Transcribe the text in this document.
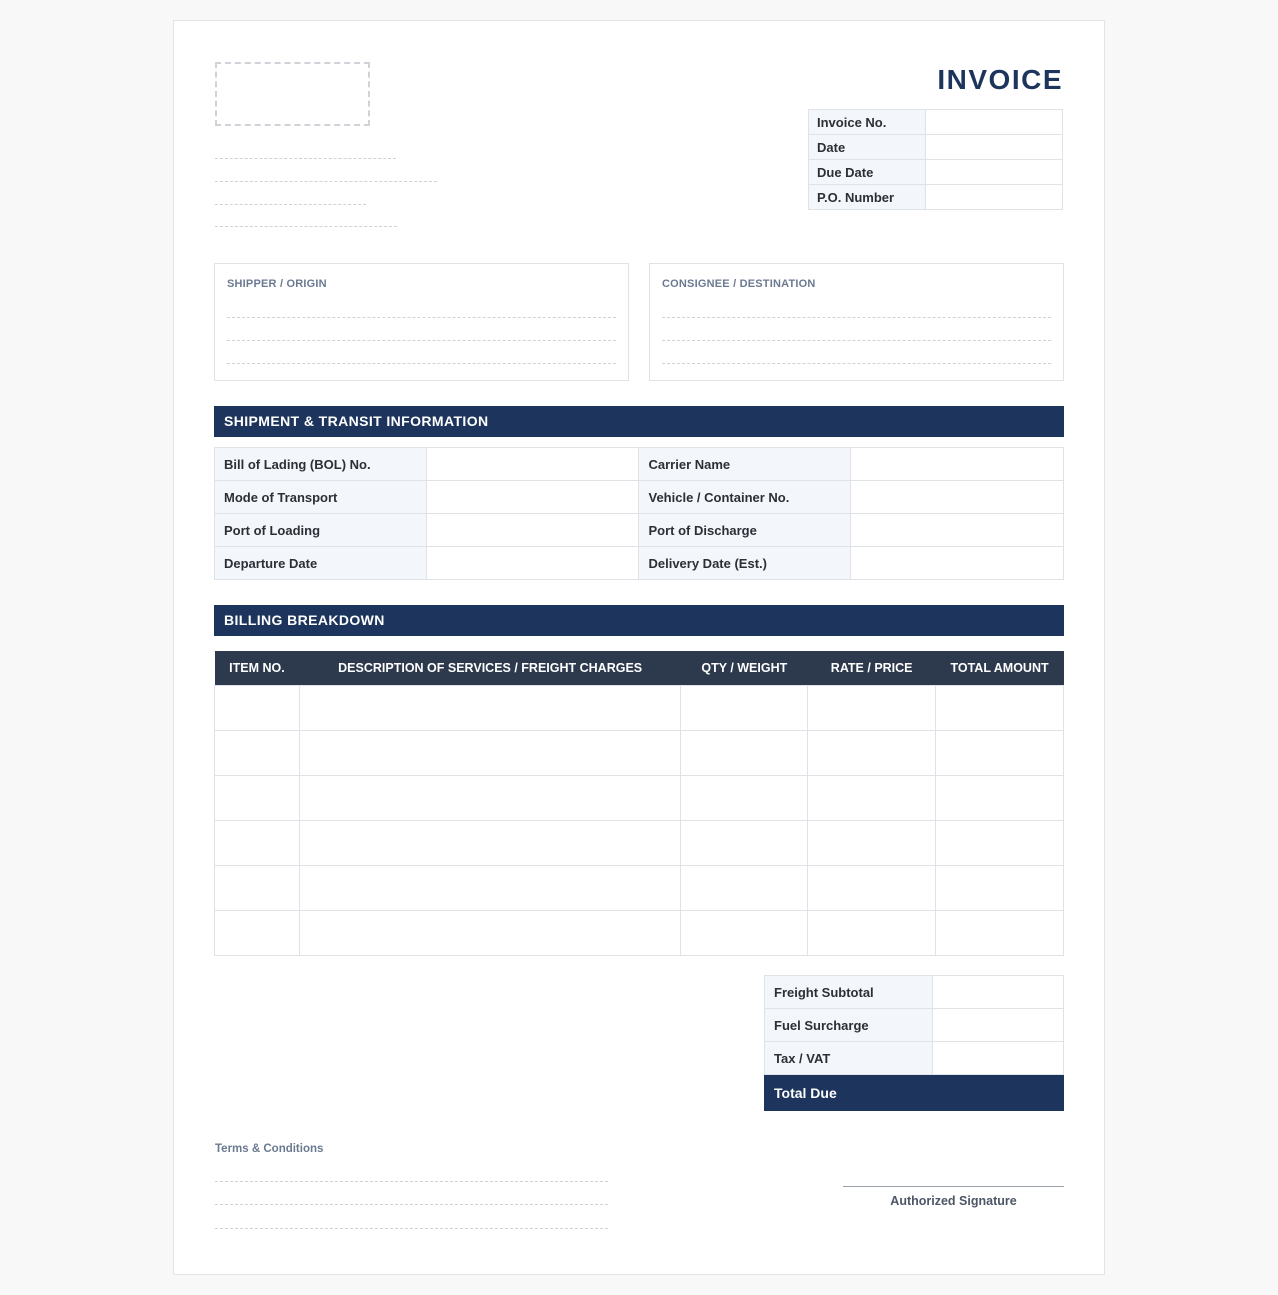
INVOICE
Invoice No.	
Date	
Due Date	
P.O. Number	
SHIPPER / ORIGIN	CONSIGNEE / DESTINATION
SHIPMENT & TRANSIT INFORMATION
Bill of Lading (BOL) No.		Carrier Name	
Mode of Transport		Vehicle / Container No.	
Port of Loading		Port of Discharge	
Departure Date		Delivery Date (Est.)	
BILLING BREAKDOWN
ITEM NO.	DESCRIPTION OF SERVICES / FREIGHT CHARGES	QTY / WEIGHT	RATE / PRICE	TOTAL AMOUNT

Freight Subtotal	
Fuel Surcharge	
Tax / VAT	
Total Due	
Terms & Conditions
Authorized Signature
